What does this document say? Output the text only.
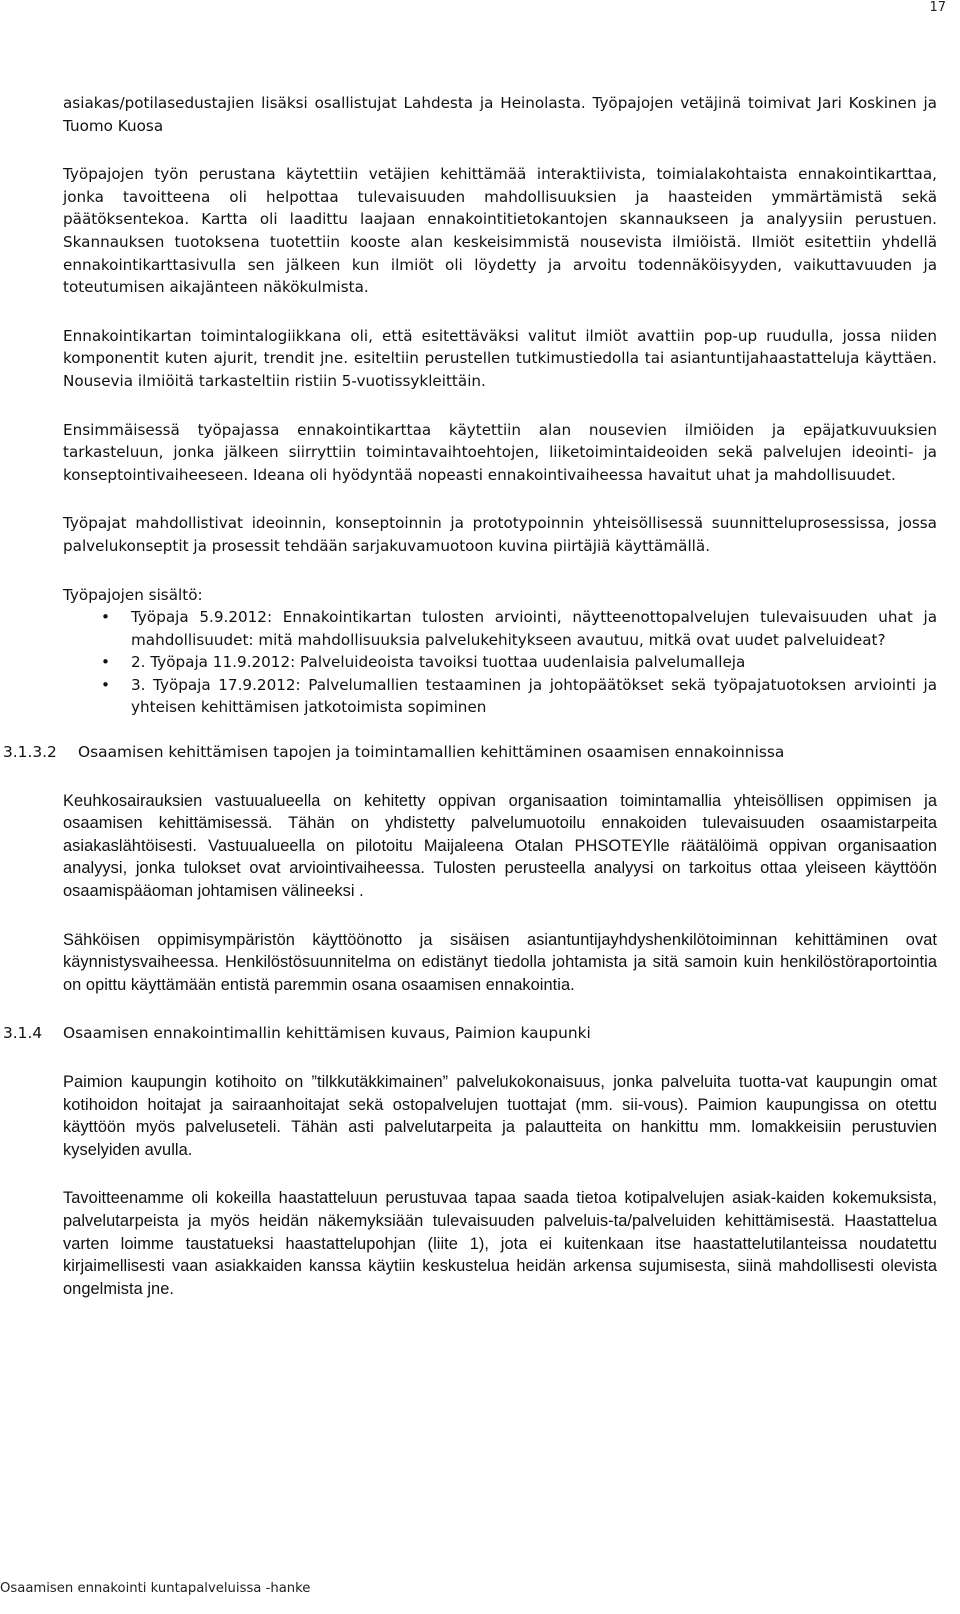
17

asiakas/potilasedustajien lisäksi osallistujat Lahdesta ja Heinolasta. Työpajojen vetäjinä toimivat Jari Koskinen ja Tuomo Kuosa

Työpajojen työn perustana käytettiin vetäjien kehittämää interaktiivista, toimialakohtaista ennakointikarttaa, jonka tavoitteena oli helpottaa tulevaisuuden mahdollisuuksien ja haasteiden ymmärtämistä sekä päätöksentekoa. Kartta oli laadittu laajaan ennakointitietokantojen skannaukseen ja analyysiin perustuen. Skannauksen tuotoksena tuotettiin kooste alan keskeisimmistä nousevista ilmiöistä. Ilmiöt esitettiin yhdellä ennakointikarttasivulla sen jälkeen kun ilmiöt oli löydetty ja arvoitu todennäköisyyden, vaikuttavuuden ja toteutumisen aikajänteen näkökulmista.

Ennakointikartan toimintalogiikkana oli, että esitettäväksi valitut ilmiöt avattiin pop-up ruudulla, jossa niiden komponentit kuten ajurit, trendit jne. esiteltiin perustellen tutkimustiedolla tai asiantuntijahaastatteluja käyttäen. Nousevia ilmiöitä tarkasteltiin ristiin 5-vuotissykleittäin.

Ensimmäisessä työpajassa ennakointikarttaa käytettiin alan nousevien ilmiöiden ja epäjatkuvuuksien tarkasteluun, jonka jälkeen siirryttiin toimintavaihtoehtojen, liiketoimintaideoiden sekä palvelujen ideointi- ja konseptointivaiheeseen. Ideana oli hyödyntää nopeasti ennakointivaiheessa havaitut uhat ja mahdollisuudet.

Työpajat mahdollistivat ideoinnin, konseptoinnin ja prototypoinnin yhteisöllisessä suunnitteluprosessissa, jossa palvelukonseptit ja prosessit tehdään sarjakuvamuotoon kuvina piirtäjiä käyttämällä.

Työpajojen sisältö:

• Työpaja 5.9.2012: Ennakointikartan tulosten arviointi, näytteenottopalvelujen tulevaisuuden uhat ja mahdollisuudet: mitä mahdollisuuksia palvelukehitykseen avautuu, mitkä ovat uudet palveluideat?
• 2. Työpaja 11.9.2012: Palveluideoista tavoiksi tuottaa uudenlaisia palvelumalleja
• 3. Työpaja 17.9.2012: Palvelumallien testaaminen ja johtopäätökset sekä työpajatuotoksen arviointi ja yhteisen kehittämisen jatkotoimista sopiminen
3.1.3.2	Osaamisen kehittämisen tapojen ja toimintamallien kehittäminen osaamisen ennakoinnissa

Keuhkosairauksien vastuualueella on kehitetty oppivan organisaation toimintamallia yhteisöllisen oppimisen ja osaamisen kehittämisessä. Tähän on yhdistetty palvelumuotoilu ennakoiden tulevaisuuden osaamistarpeita asiakaslähtöisesti. Vastuualueella on pilotoitu Maijaleena Otalan PHSOTEYlle räätälöimä oppivan organisaation analyysi, jonka tulokset ovat arviointivaiheessa. Tulosten perusteella analyysi on tarkoitus ottaa yleiseen käyttöön osaamispääoman johtamisen välineeksi .

Sähköisen oppimisympäristön käyttöönotto ja sisäisen asiantuntijayhdyshenkilötoiminnan kehittäminen ovat käynnistysvaiheessa. Henkilöstösuunnitelma on edistänyt tiedolla johtamista ja sitä samoin kuin henkilöstöraportointia on opittu käyttämään entistä paremmin osana osaamisen ennakointia.

3.1.4	Osaamisen ennakointimallin kehittämisen kuvaus, Paimion kaupunki

Paimion kaupungin kotihoito on ”tilkkutäkkimainen” palvelukokonaisuus, jonka palveluita tuotta-vat kaupungin omat kotihoidon hoitajat ja sairaanhoitajat sekä ostopalvelujen tuottajat (mm. sii-vous). Paimion kaupungissa on otettu käyttöön myös palveluseteli. Tähän asti palvelutarpeita ja palautteita on hankittu mm. lomakkeisiin perustuvien kyselyiden avulla.

Tavoitteenamme oli kokeilla haastatteluun perustuvaa tapaa saada tietoa kotipalvelujen asiak-kaiden kokemuksista, palvelutarpeista ja myös heidän näkemyksiään tulevaisuuden palveluis-ta/palveluiden kehittämisestä. Haastattelua varten loimme taustatueksi haastattelupohjan (liite 1), jota ei kuitenkaan itse haastattelutilanteissa noudatettu kirjaimellisesti vaan asiakkaiden kanssa käytiin keskustelua heidän arkensa sujumisesta, siinä mahdollisesti olevista ongelmista jne.

Osaamisen ennakointi kuntapalveluissa -hanke
